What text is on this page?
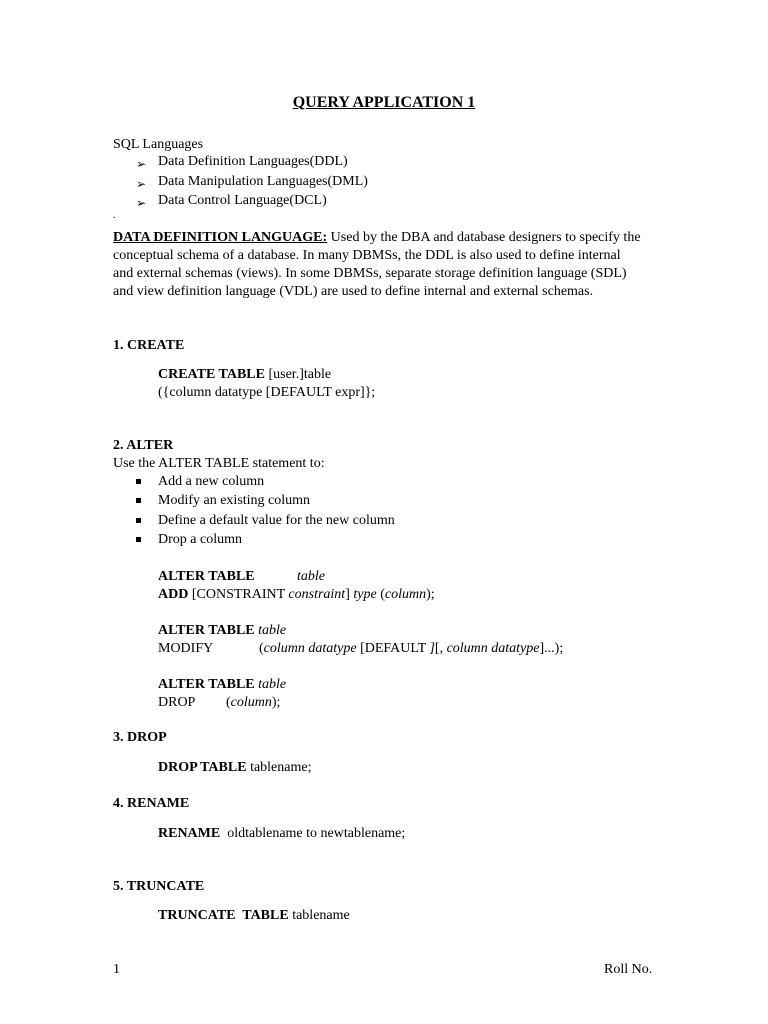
QUERY APPLICATION 1
SQL Languages
➢ Data Definition Languages(DDL)
➢ Data Manipulation Languages(DML)
➢ Data Control Language(DCL)
.
DATA DEFINITION LANGUAGE: Used by the DBA and database designers to specify the conceptual schema of a database. In many DBMSs, the DDL is also used to define internal and external schemas (views). In some DBMSs, separate storage definition language (SDL) and view definition language (VDL) are used to define internal and external schemas.
1. CREATE
CREATE TABLE [user.]table
({column datatype [DEFAULT expr]};
2. ALTER
Use the ALTER TABLE statement to:
Add a new column
Modify an existing column
Define a default value for the new column
Drop a column
ALTER TABLE	table
ADD [CONSTRAINT constraint] type (column);
ALTER TABLE table
MODIFY	(column datatype [DEFAULT ][, column datatype]...);
ALTER TABLE table
DROP (column);
3. DROP
DROP TABLE tablename;
4. RENAME
RENAME  oldtablename to newtablename;
5. TRUNCATE
TRUNCATE  TABLE tablename
1	Roll No.
